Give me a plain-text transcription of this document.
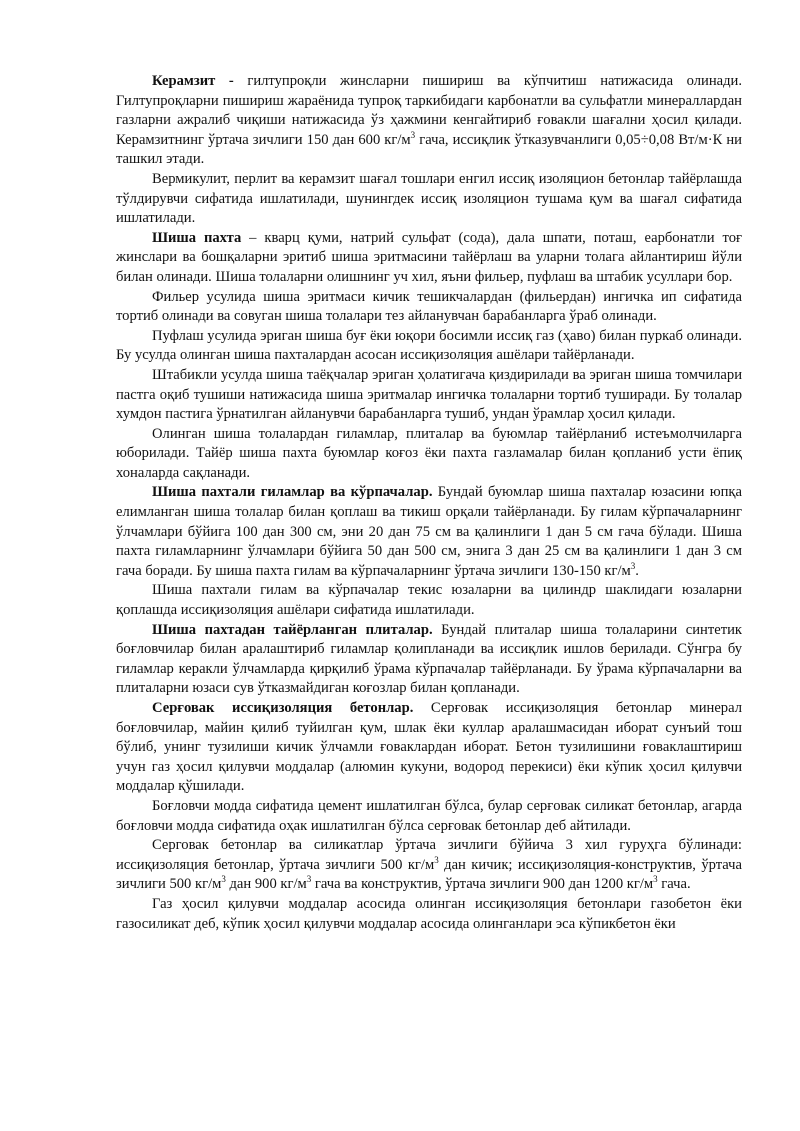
Керамзит - гилтупроқли жинсларни пишириш ва кўпчитиш натижасида олинади. Гилтупроқларни пишириш жараёнида тупроқ таркибидаги карбонатли ва сульфатли минераллардан газларни ажралиб чиқиши натижасида ўз ҳажмини кенгайтириб ғовакли шағални ҳосил қилади. Керамзитнинг ўртача зичлиги 150 дан 600 $кг/м^3$ гача, иссиқлик ўтказувчанлиги 0,05÷0,08 Вт/м·К ни ташкил этади.

Вермикулит, перлит ва керамзит шағал тошлари енгил иссиқ изоляцион бетонлар тайёрлашда тўлдирувчи сифатида ишлатилади, шунингдек иссиқ изоляцион тушама қум ва шағал сифатида ишлатилади.

Шиша пахта – кварц қуми, натрий сульфат (сода), дала шпати, поташ, еарбонатли тоғ жинслари ва бошқаларни эритиб шиша эритмасини тайёрлаш ва уларни толага айлантириш йўли билан олинади. Шиша толаларни олишнинг уч хил, яъни фильер, пуфлаш ва штабик усуллари бор.

Фильер усулида шиша эритмаси кичик тешикчалардан (фильердан) ингичка ип сифатида тортиб олинади ва совуган шиша толалари тез айланувчан барабанларга ўраб олинади.

Пуфлаш усулида эриган шиша буғ ёки юқори босимли иссиқ газ (ҳаво) билан пуркаб олинади. Бу усулда олинган шиша пахталардан асосан иссиқизоляция ашёлари тайёрланади.

Штабикли усулда шиша таёқчалар эриган ҳолатигача қиздирилади ва эриган шиша томчилари пастга оқиб тушиши натижасида шиша эритмалар ингичка толаларни тортиб туширади. Бу толалар хумдон пастига ўрнатилган айланувчи барабанларга тушиб, ундан ўрамлар ҳосил қилади.

Олинган шиша толалардан гиламлар, плиталар ва буюмлар тайёрланиб истеъмолчиларга юборилади. Тайёр шиша пахта буюмлар коғоз ёки пахта газламалар билан қопланиб усти ёпиқ хоналарда сақланади.

Шиша пахтали гиламлар ва кўрпачалар. Бундай буюмлар шиша пахталар юзасини юпқа елимланган шиша толалар билан қоплаш ва тикиш орқали тайёрланади. Бу гилам кўрпачаларнинг ўлчамлари бўйига 100 дан 300 см, эни 20 дан 75 см ва қалинлиги 1 дан 5 см гача бўлади. Шиша пахта гиламларнинг ўлчамлари бўйига 50 дан 500 см, энига 3 дан 25 см ва қалинлиги 1 дан 3 см гача боради. Бу шиша пахта гилам ва кўрпачаларнинг ўртача зичлиги 130-150 $кг/м^3$.

Шиша пахтали гилам ва кўрпачалар текис юзаларни ва цилиндр шаклидаги юзаларни қоплашда иссиқизоляция ашёлари сифатида ишлатилади.

Шиша пахтадан тайёрланган плиталар. Бундай плиталар шиша толаларини синтетик боғловчилар билан аралаштириб гиламлар қолипланади ва иссиқлик ишлов берилади. Сўнгра бу гиламлар керакли ўлчамларда қирқилиб ўрама кўрпачалар тайёрланади. Бу ўрама кўрпачаларни ва плиталарни юзаси сув ўтказмайдиган коғозлар билан қопланади.

Серғовак иссиқизоляция бетонлар. Серғовак иссиқизоляция бетонлар минерал боғловчилар, майин қилиб туйилган қум, шлак ёки куллар аралашмасидан иборат сунъий тош бўлиб, унинг тузилиши кичик ўлчамли ғовaклардан иборат. Бетон тузилишини ғовaклаштириш учун газ ҳосил қилувчи моддалар (алюмин кукуни, водород перекиси) ёки кўпик ҳосил қилувчи моддалар қўшилади.

Боғловчи модда сифатида цемент ишлатилган бўлса, булар серғовак силикат бетонлар, агарда боғловчи модда сифатида оҳак ишлатилган бўлса серғовак бетонлар деб айтилади.

Серговак бетонлар ва силикатлар ўртача зичлиги бўйича 3 хил гуруҳга бўлинади: иссиқизоляция бетонлар, ўртача зичлиги 500 $кг/м^3$ дан кичик; иссиқизоляция-конструктив, ўртача зичлиги 500 $кг/м^3$ дан 900 $кг/м^3$ гача ва конструктив, ўртача зичлиги 900 дан 1200 $кг/м^3$ гача.

Газ ҳосил қилувчи моддалар асосида олинган иссиқизоляция бетонлари газобетон ёки газосиликат деб, кўпик ҳосил қилувчи моддалар асосида олинганлари эса кўпикбетон ёки
